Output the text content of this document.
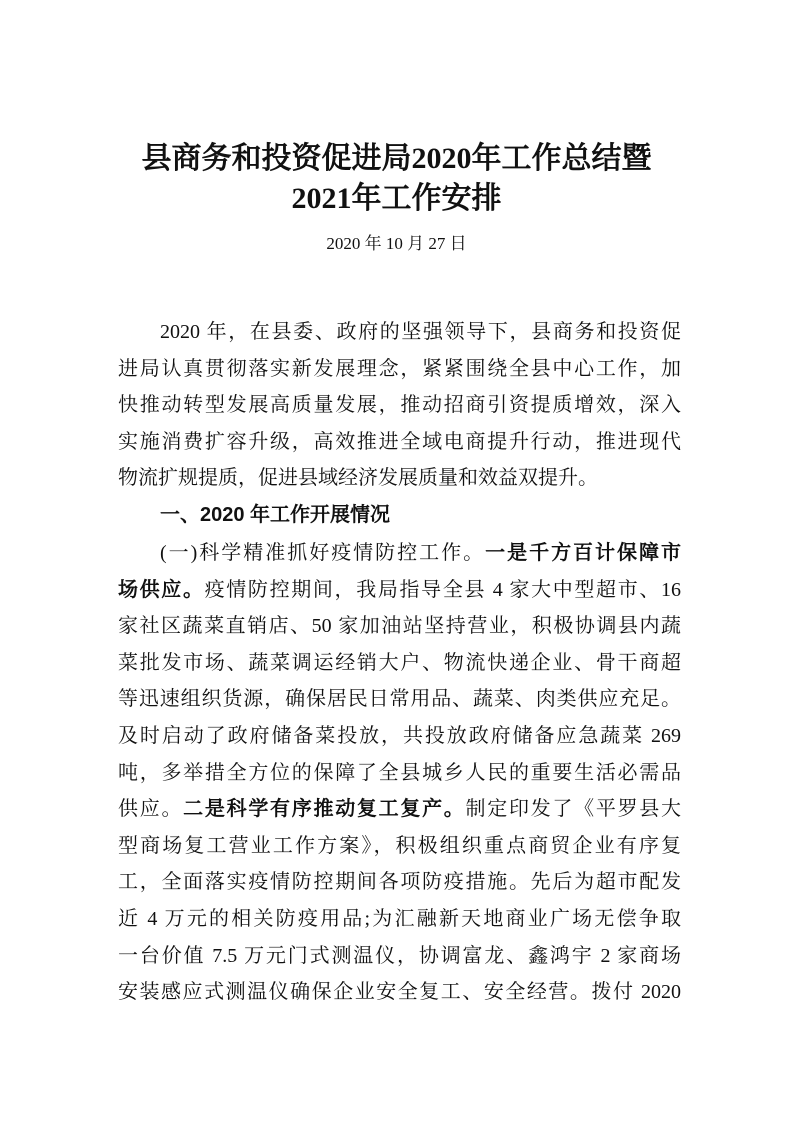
县商务和投资促进局2020年工作总结暨
2021年工作安排
2020 年 10 月 27 日
2020 年，在县委、政府的坚强领导下，县商务和投资促
进局认真贯彻落实新发展理念，紧紧围绕全县中心工作，加
快推动转型发展高质量发展，推动招商引资提质增效，深入
实施消费扩容升级，高效推进全域电商提升行动，推进现代
物流扩规提质，促进县域经济发展质量和效益双提升。
一、2020 年工作开展情况
(一)科学精准抓好疫情防控工作。一是千方百计保障市
场供应。疫情防控期间，我局指导全县 4 家大中型超市、16
家社区蔬菜直销店、50 家加油站坚持营业，积极协调县内蔬
菜批发市场、蔬菜调运经销大户、物流快递企业、骨干商超
等迅速组织货源，确保居民日常用品、蔬菜、肉类供应充足。
及时启动了政府储备菜投放，共投放政府储备应急蔬菜 269
吨，多举措全方位的保障了全县城乡人民的重要生活必需品
供应。二是科学有序推动复工复产。制定印发了《平罗县大
型商场复工营业工作方案》，积极组织重点商贸企业有序复
工，全面落实疫情防控期间各项防疫措施。先后为超市配发
近 4 万元的相关防疫用品;为汇融新天地商业广场无偿争取
一台价值 7.5 万元门式测温仪，协调富龙、鑫鸿宇 2 家商场
安装感应式测温仪确保企业安全复工、安全经营。拨付 2020
